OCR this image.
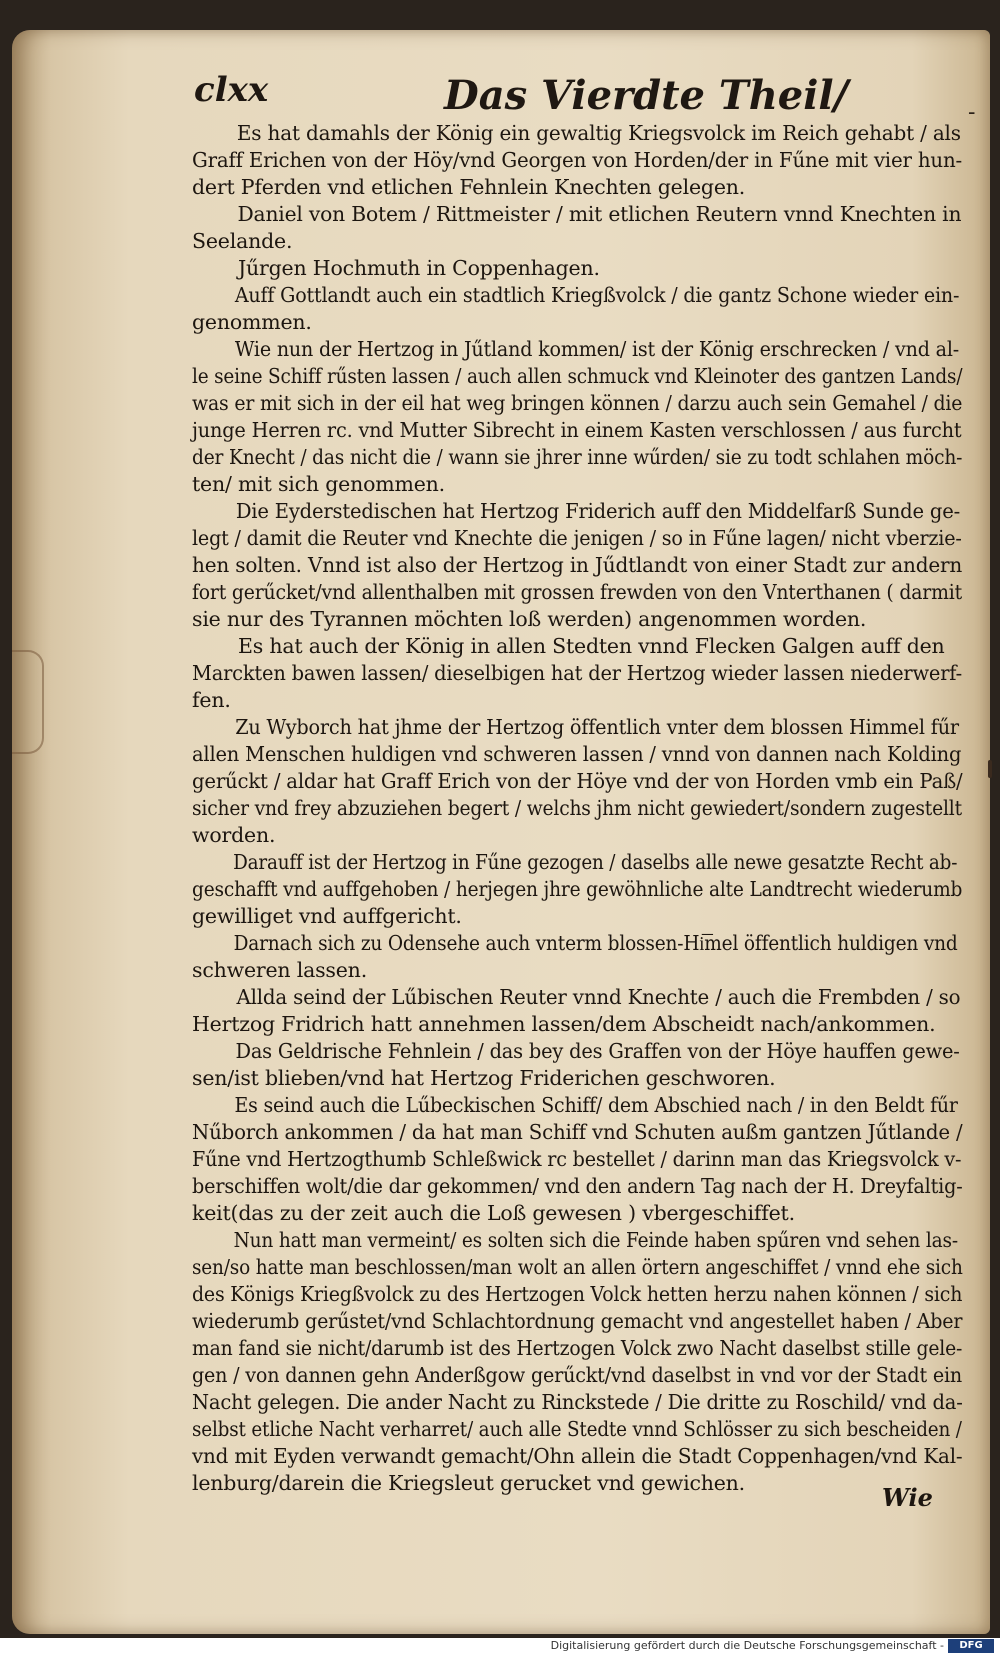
clxx	Das Vierdte Theil/	-

Es hat damahls der König ein gewaltig Kriegsvolck im Reich gehabt / als
Graff Erichen von der Höy/vnd Georgen von Horden/der in Fűne mit vier hun-
dert Pferden vnd etlichen Fehnlein Knechten gelegen.

Daniel von Botem / Rittmeister / mit etlichen Reutern vnnd Knechten in
Seelande.

Jűrgen Hochmuth in Coppenhagen.

Auff Gottlandt auch ein stadtlich Kriegßvolck / die gantz Schone wieder ein-
genommen.

Wie nun der Hertzog in Jűtland kommen/ ist der König erschrecken / vnd al-
le seine Schiff rűsten lassen / auch allen schmuck vnd Kleinoter des gantzen Lands/
was er mit sich in der eil hat weg bringen können / darzu auch sein Gemahel / die
junge Herren rc. vnd Mutter Sibrecht in einem Kasten verschlossen / aus furcht
der Knecht / das nicht die / wann sie jhrer inne wűrden/ sie zu todt schlahen möch-
ten/ mit sich genommen.

Die Eyderstedischen hat Hertzog Friderich auff den Middelfarß Sunde ge-
legt / damit die Reuter vnd Knechte die jenigen / so in Fűne lagen/ nicht vberzie-
hen solten. Vnnd ist also der Hertzog in Jűdtlandt von einer Stadt zur andern
fort gerűcket/vnd allenthalben mit grossen frewden von den Vnterthanen ( darmit
sie nur des Tyrannen möchten loß werden) angenommen worden.

Es hat auch der König in allen Stedten vnnd Flecken Galgen auff den
Marckten bawen lassen/ dieselbigen hat der Hertzog wieder lassen niederwerf-
fen.

Zu Wyborch hat jhme der Hertzog öffentlich vnter dem blossen Himmel fűr
allen Menschen huldigen vnd schweren lassen / vnnd von dannen nach Kolding
gerűckt / aldar hat Graff Erich von der Höye vnd der von Horden vmb ein Paß/
sicher vnd frey abzuziehen begert / welchs jhm nicht gewiedert/sondern zugestellt
worden.

Darauff ist der Hertzog in Fűne gezogen / daselbs alle newe gesatzte Recht ab-
geschafft vnd auffgehoben / herjegen jhre gewöhnliche alte Landtrecht wiederumb
gewilliget vnd auffgericht.

Darnach sich zu Odensehe auch vnterm blossen-Hi͞mel öffentlich huldigen vnd
schweren lassen.

Allda seind der Lűbischen Reuter vnnd Knechte / auch die Frembden / so
Hertzog Fridrich hatt annehmen lassen/dem Abscheidt nach/ankommen.

Das Geldrische Fehnlein / das bey des Graffen von der Höye hauffen gewe-
sen/ist blieben/vnd hat Hertzog Friderichen geschworen.

Es seind auch die Lűbeckischen Schiff/ dem Abschied nach / in den Beldt fűr
Nűborch ankommen / da hat man Schiff vnd Schuten außm gantzen Jűtlande /
Fűne vnd Hertzogthumb Schleßwick rc bestellet / darinn man das Kriegsvolck v-
berschiffen wolt/die dar gekommen/ vnd den andern Tag nach der H. Dreyfaltig-
keit(das zu der zeit auch die Loß gewesen ) vbergeschiffet.

Nun hatt man vermeint/ es solten sich die Feinde haben spűren vnd sehen las-
sen/so hatte man beschlossen/man wolt an allen örtern angeschiffet / vnnd ehe sich
des Königs Kriegßvolck zu des Hertzogen Volck hetten herzu nahen können / sich
wiederumb gerűstet/vnd Schlachtordnung gemacht vnd angestellet haben / Aber
man fand sie nicht/darumb ist des Hertzogen Volck zwo Nacht daselbst stille gele-
gen / von dannen gehn Anderßgow gerűckt/vnd daselbst in vnd vor der Stadt ein
Nacht gelegen. Die ander Nacht zu Rinckstede / Die dritte zu Roschild/ vnd da-
selbst etliche Nacht verharret/ auch alle Stedte vnnd Schlösser zu sich bescheiden /
vnd mit Eyden verwandt gemacht/Ohn allein die Stadt Coppenhagen/vnd Kal-
lenburg/darein die Kriegsleut gerucket vnd gewichen.	Wie
Digitalisierung gefördert durch die Deutsche Forschungsgemeinschaft -	DFG
